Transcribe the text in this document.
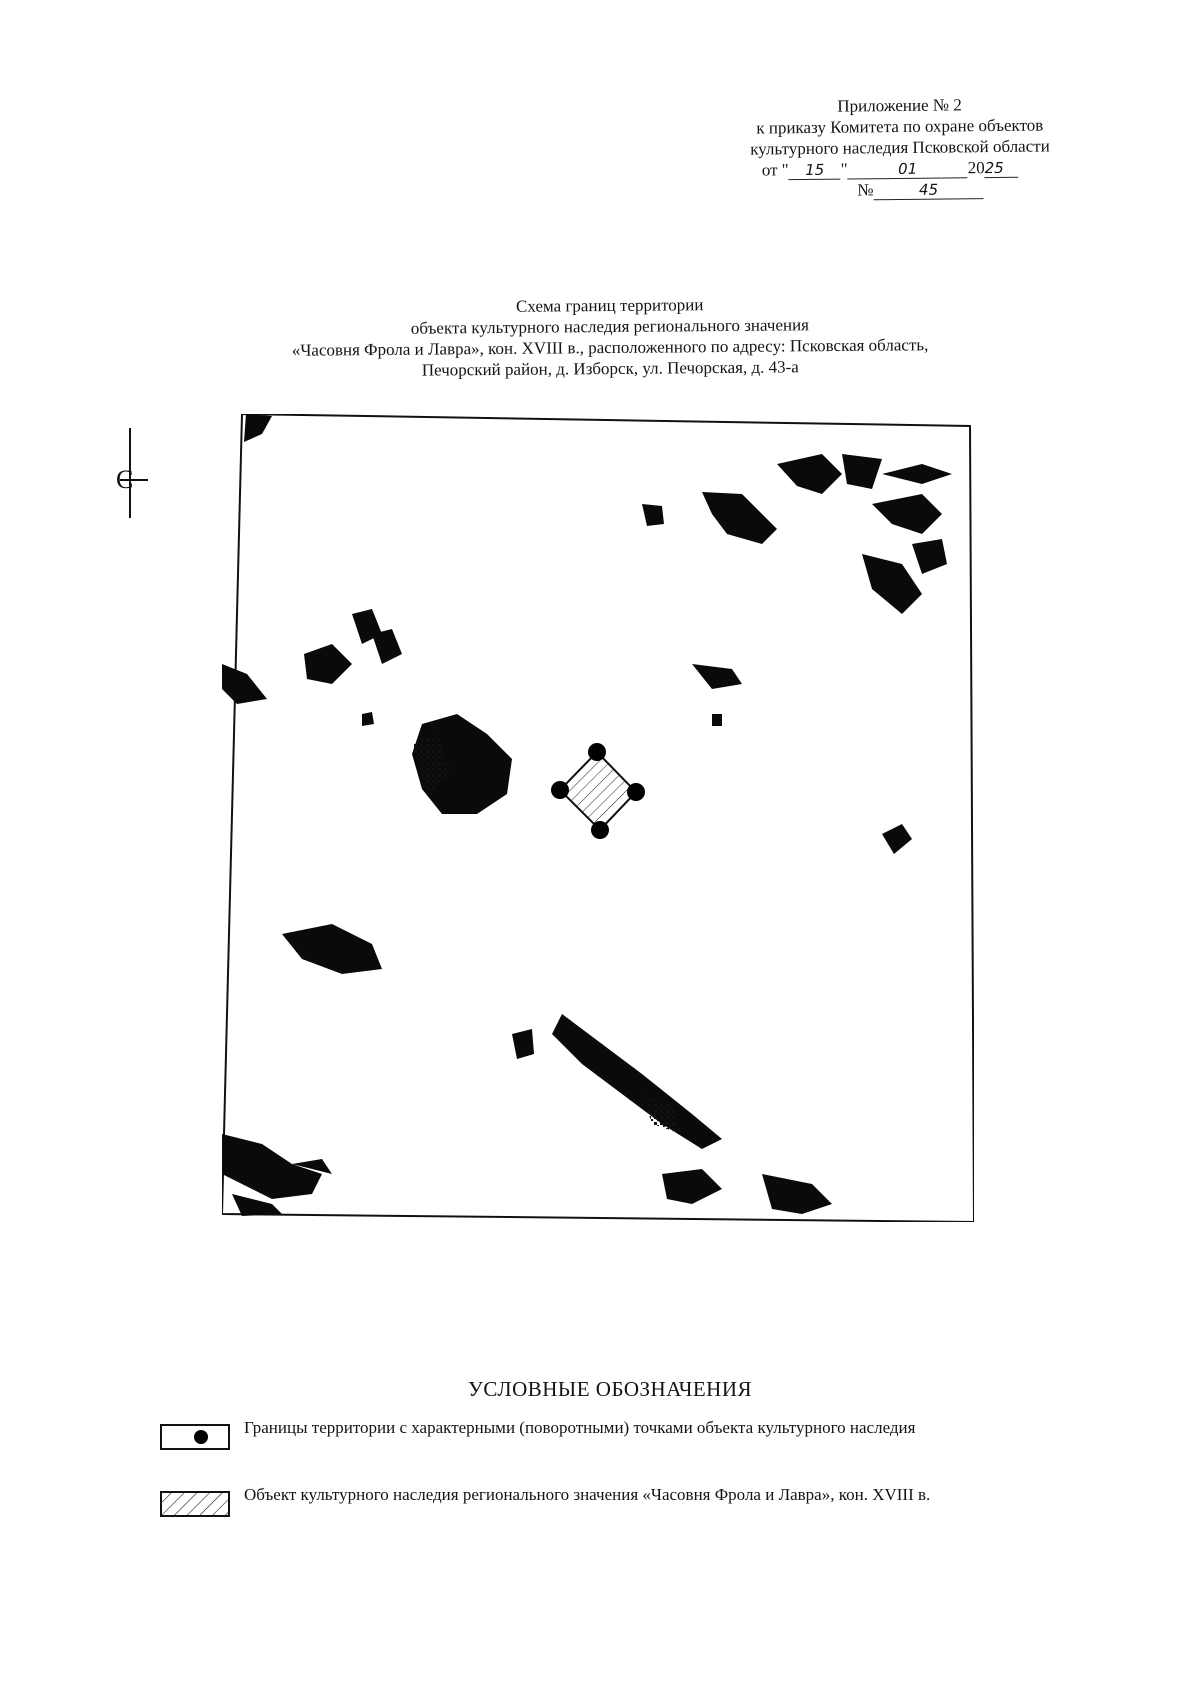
Приложение № 2
к приказу Комитета по охране объектов
культурного наследия Псковской области
от " 15 "	01	2025
№	45
Схема границ территории
объекта культурного наследия регионального значения
«Часовня Фрола и Лавра», кон. XVIII в., расположенного по адресу: Псковская область,
Печорский район, д. Изборск, ул. Печорская, д. 43-а
С
УСЛОВНЫЕ ОБОЗНАЧЕНИЯ
Границы территории с характерными (поворотными) точками объекта культурного наследия
Объект культурного наследия регионального значения «Часовня Фрола и Лавра», кон. XVIII в.
